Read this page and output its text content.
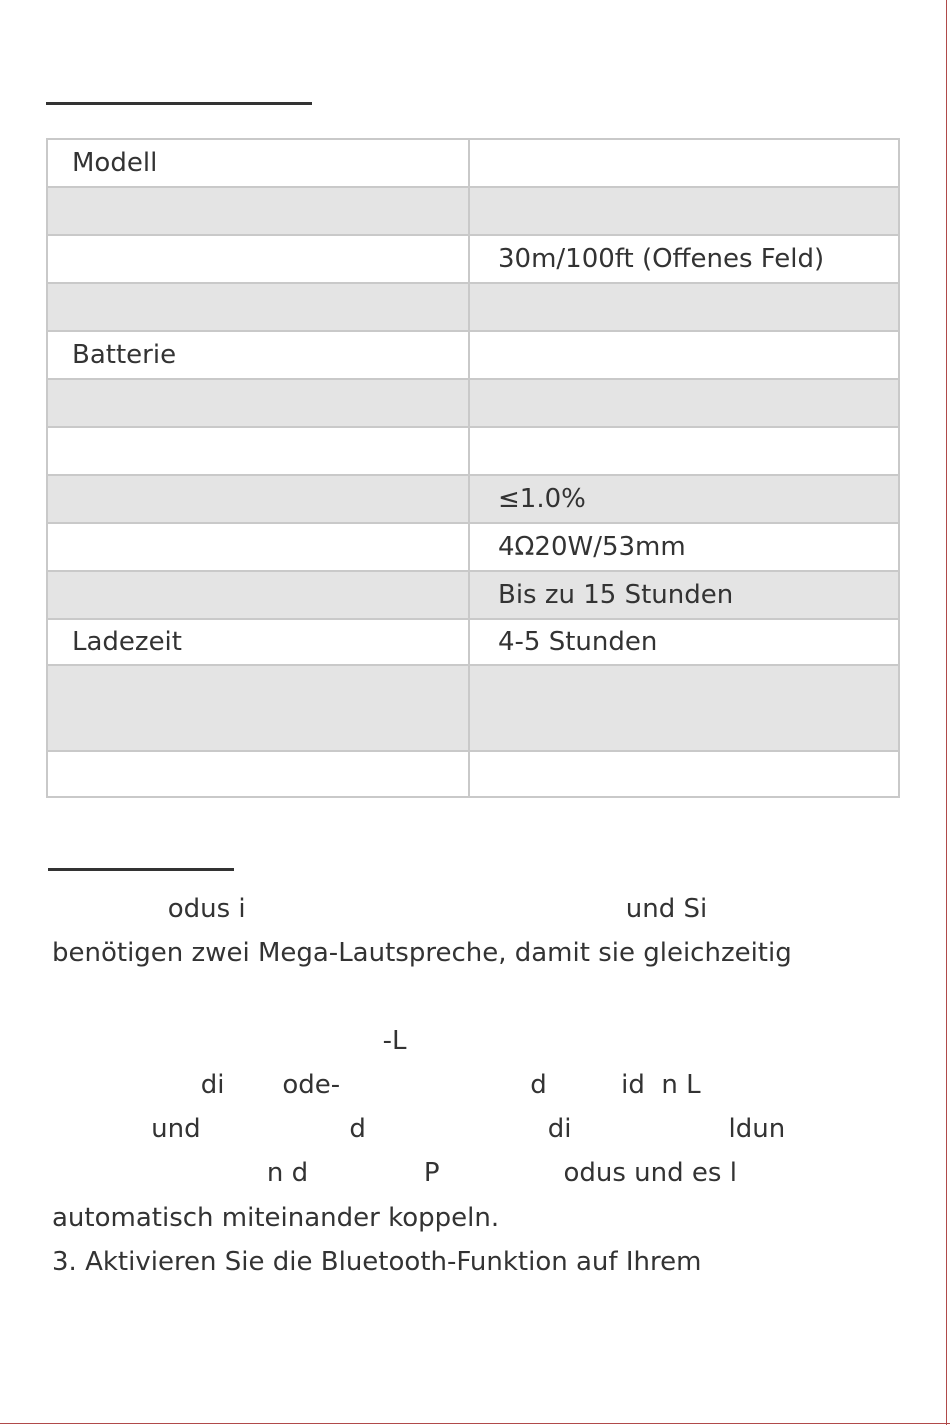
Modell	

	30m/100ft (Offenes Feld)

Batterie	

	≤1.0%
	4Ω20W/53mm
	Bis zu 15 Stunden
Ladezeit	4-5 Stunden

odus i                                              und Si
benötigen zwei Mega-Lautspreche, damit sie gleichzeitig
-L
di       ode-                       d         id  n L
und                  d                      di                   ldun
n d              P               odus und es l
automatisch miteinander koppeln.
3. Aktivieren Sie die Bluetooth-Funktion auf Ihrem
